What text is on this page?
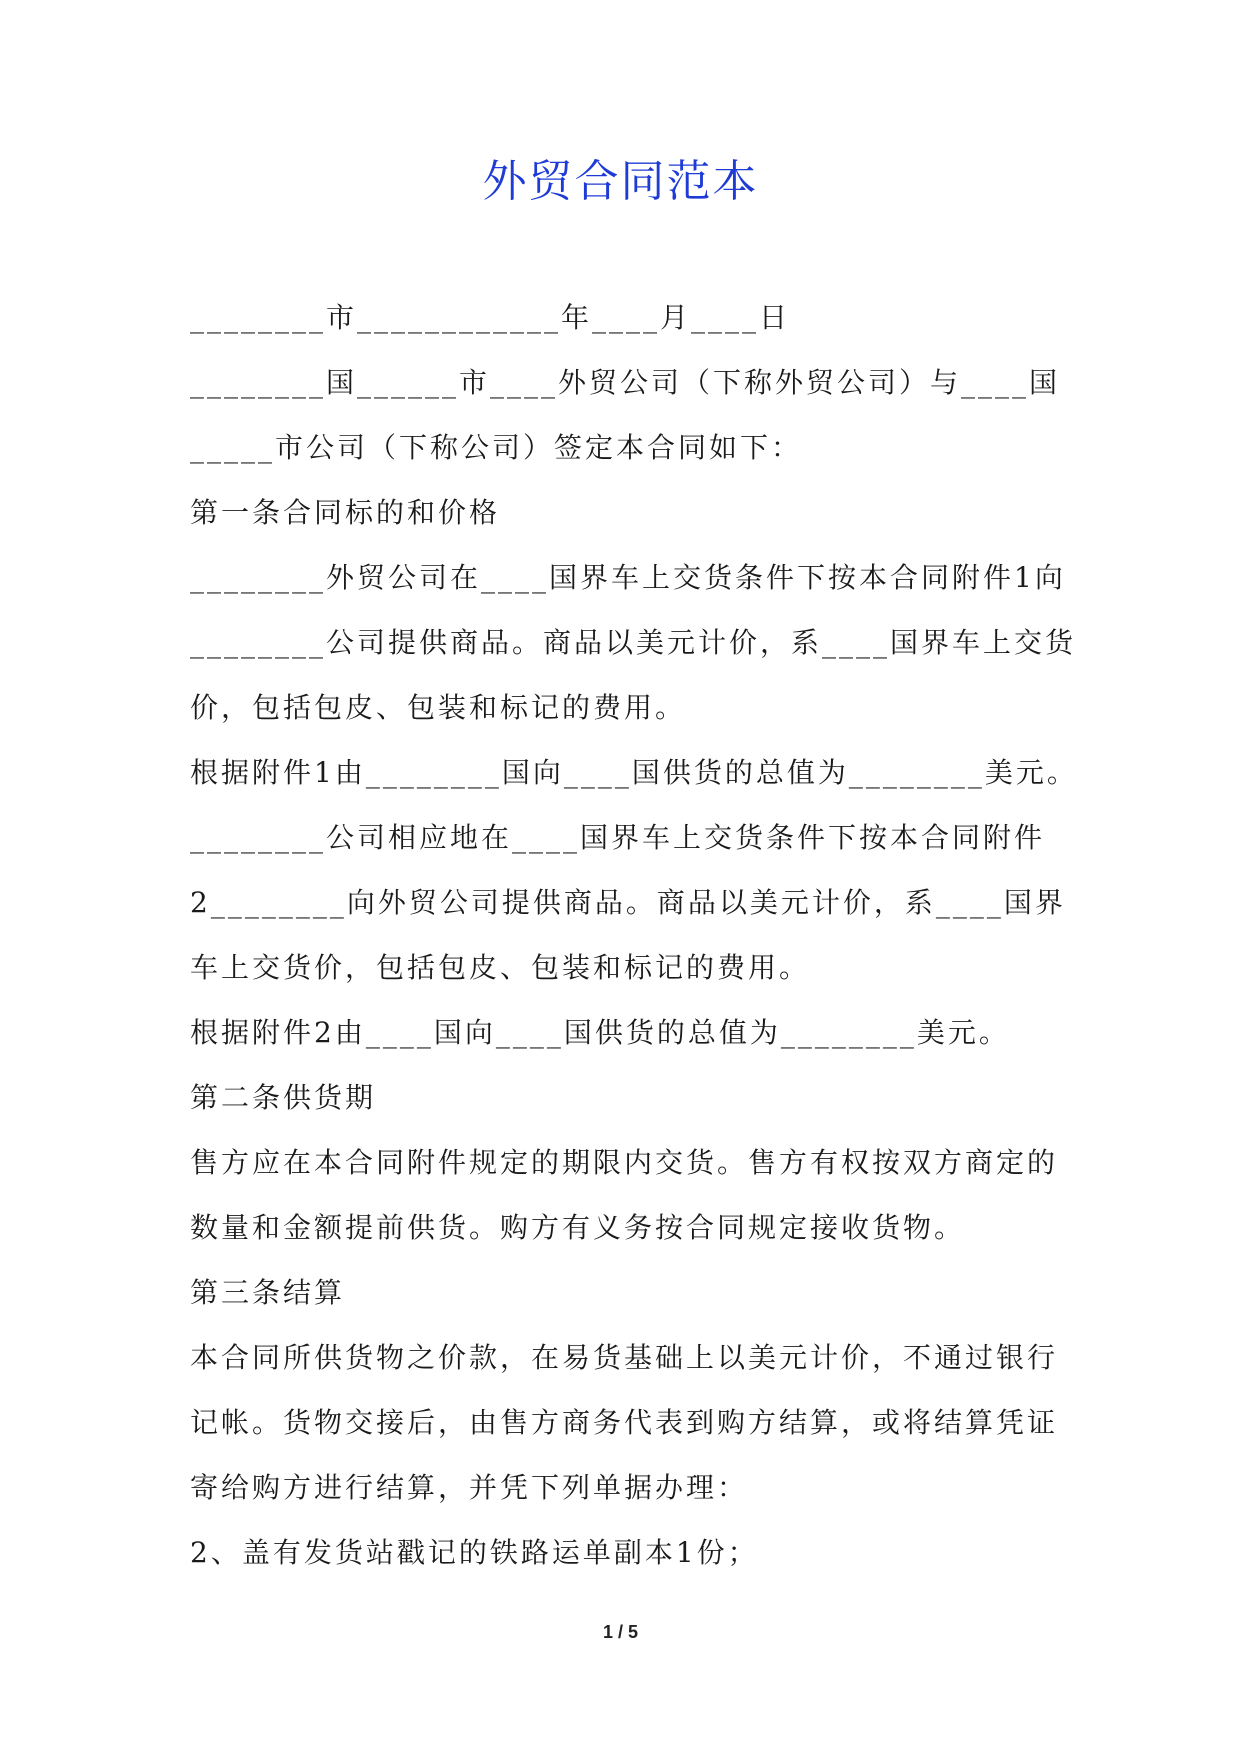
外贸合同范本
________市____________年____月____日
________国______市____外贸公司（下称外贸公司）与____国
_____市公司（下称公司）签定本合同如下：
第一条合同标的和价格
________外贸公司在____国界车上交货条件下按本合同附件1向
________公司提供商品。商品以美元计价，系____国界车上交货
价，包括包皮、包装和标记的费用。
根据附件1由________国向____国供货的总值为________美元。
________公司相应地在____国界车上交货条件下按本合同附件
2________向外贸公司提供商品。商品以美元计价，系____国界
车上交货价，包括包皮、包装和标记的费用。
根据附件2由____国向____国供货的总值为________美元。
第二条供货期
售方应在本合同附件规定的期限内交货。售方有权按双方商定的
数量和金额提前供货。购方有义务按合同规定接收货物。
第三条结算
本合同所供货物之价款，在易货基础上以美元计价，不通过银行
记帐。货物交接后，由售方商务代表到购方结算，或将结算凭证
寄给购方进行结算，并凭下列单据办理：
2、盖有发货站戳记的铁路运单副本1份；
1 / 5
